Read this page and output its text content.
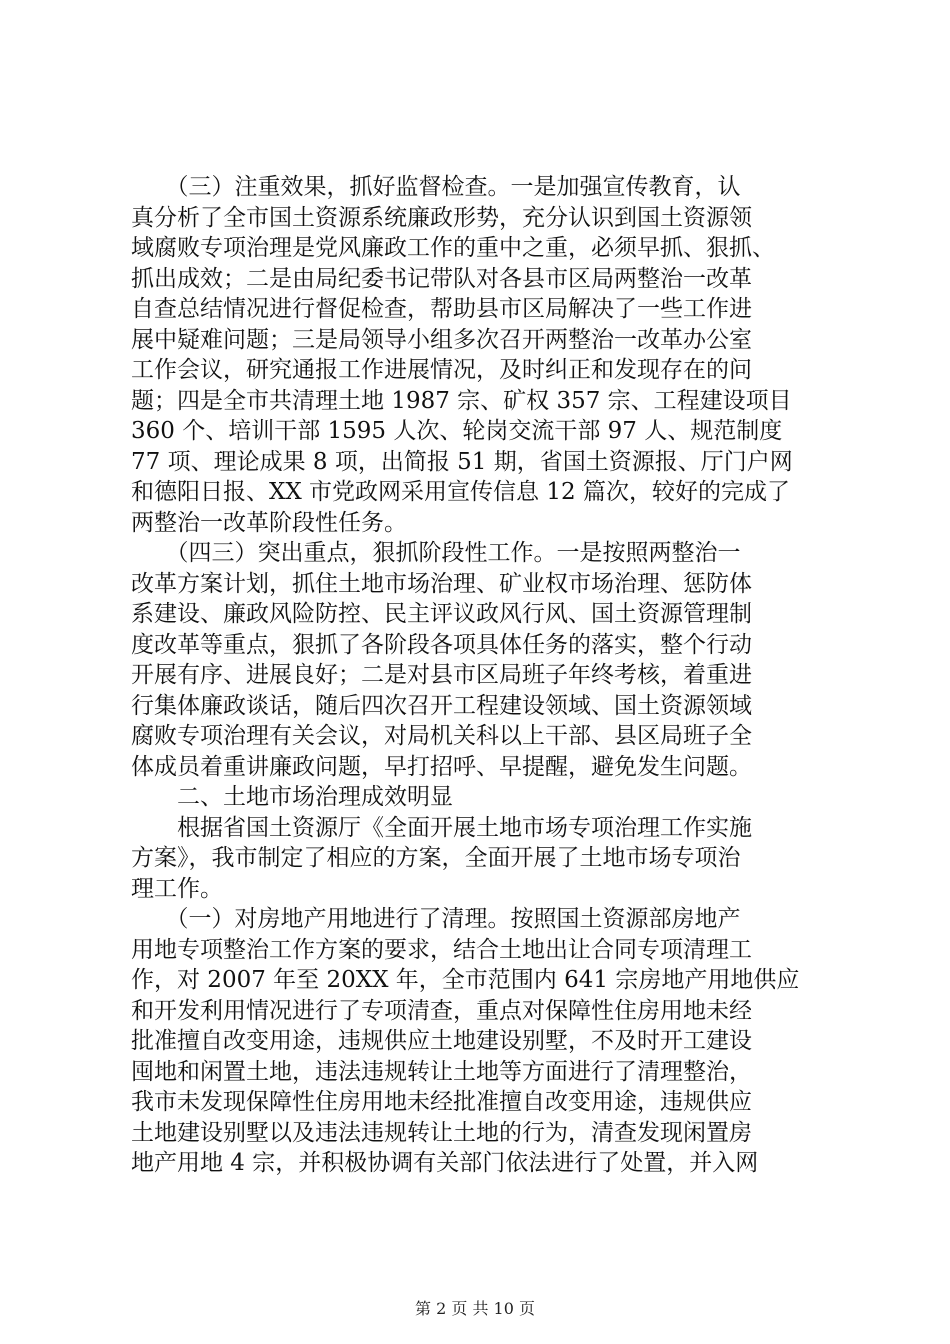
　　（三）注重效果，抓好监督检查。一是加强宣传教育，认
真分析了全市国土资源系统廉政形势，充分认识到国土资源领
域腐败专项治理是党风廉政工作的重中之重，必须早抓、狠抓、
抓出成效；二是由局纪委书记带队对各县市区局两整治一改革
自查总结情况进行督促检查，帮助县市区局解决了一些工作进
展中疑难问题；三是局领导小组多次召开两整治一改革办公室
工作会议，研究通报工作进展情况，及时纠正和发现存在的问
题；四是全市共清理土地 1987 宗、矿权 357 宗、工程建设项目
360 个、培训干部 1595 人次、轮岗交流干部 97 人、规范制度
77 项、理论成果 8 项，出简报 51 期，省国土资源报、厅门户网
和德阳日报、XX 市党政网采用宣传信息 12 篇次，较好的完成了
两整治一改革阶段性任务。
　　（四三）突出重点，狠抓阶段性工作。一是按照两整治一
改革方案计划，抓住土地市场治理、矿业权市场治理、惩防体
系建设、廉政风险防控、民主评议政风行风、国土资源管理制
度改革等重点，狠抓了各阶段各项具体任务的落实，整个行动
开展有序、进展良好；二是对县市区局班子年终考核，着重进
行集体廉政谈话，随后四次召开工程建设领域、国土资源领域
腐败专项治理有关会议，对局机关科以上干部、县区局班子全
体成员着重讲廉政问题，早打招呼、早提醒，避免发生问题。
　　二、土地市场治理成效明显
　　根据省国土资源厅《全面开展土地市场专项治理工作实施
方案》，我市制定了相应的方案，全面开展了土地市场专项治
理工作。
　　（一）对房地产用地进行了清理。按照国土资源部房地产
用地专项整治工作方案的要求，结合土地出让合同专项清理工
作，对 2007 年至 20XX 年，全市范围内 641 宗房地产用地供应
和开发利用情况进行了专项清查，重点对保障性住房用地未经
批准擅自改变用途，违规供应土地建设别墅，不及时开工建设
囤地和闲置土地，违法违规转让土地等方面进行了清理整治，
我市未发现保障性住房用地未经批准擅自改变用途，违规供应
土地建设别墅以及违法违规转让土地的行为，清查发现闲置房
地产用地 4 宗，并积极协调有关部门依法进行了处置，并入网
第 2 页 共 10 页
